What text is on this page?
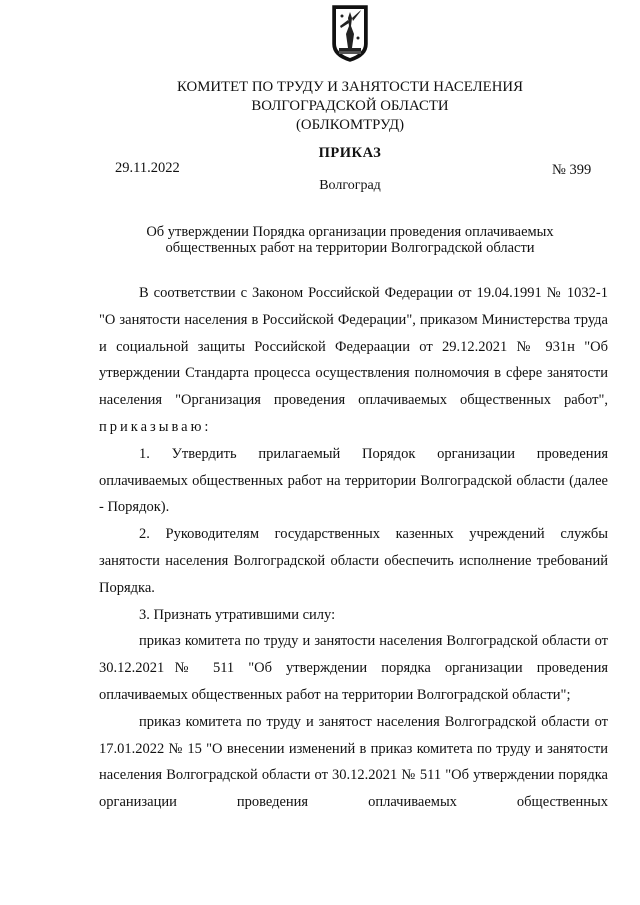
КОМИТЕТ ПО ТРУДУ И ЗАНЯТОСТИ НАСЕЛЕНИЯ
ВОЛГОГРАДСКОЙ ОБЛАСТИ
(ОБЛКОМТРУД)
ПРИКАЗ
29.11.2022	№ 399
Волгоград
Об утверждении Порядка организации проведения оплачиваемых
общественных работ на территории Волгоградской области

В соответствии с Законом Российской Федерации от 19.04.1991 № 1032-1 "О занятости населения в Российской Федерации", приказом Министерства труда и социальной защиты Российской Федераации от 29.12.2021 № 931н "Об утверждении Стандарта процесса осуществления полномочия в сфере занятости населения "Организация проведения оплачиваемых общественных работ", приказываю:

1. Утвердить прилагаемый Порядок организации проведения оплачиваемых общественных работ на территории Волгоградской области (далее - Порядок).

2. Руководителям государственных казенных учреждений службы занятости населения Волгоградской области обеспечить исполнение требований Порядка.

3. Признать утратившими силу:

приказ комитета по труду и занятости населения Волгоградской области от 30.12.2021№ 511 "Об утверждении порядка организации проведения оплачиваемых общественных работ на территории Волгоградской области";

приказ комитета по труду и занятост населения Волгоградской области от 17.01.2022 № 15 "О внесении изменений в приказ комитета по труду и занятости населения Волгоградской области от 30.12.2021 № 511 "Об утверждении порядка организации проведения оплачиваемых общественных
